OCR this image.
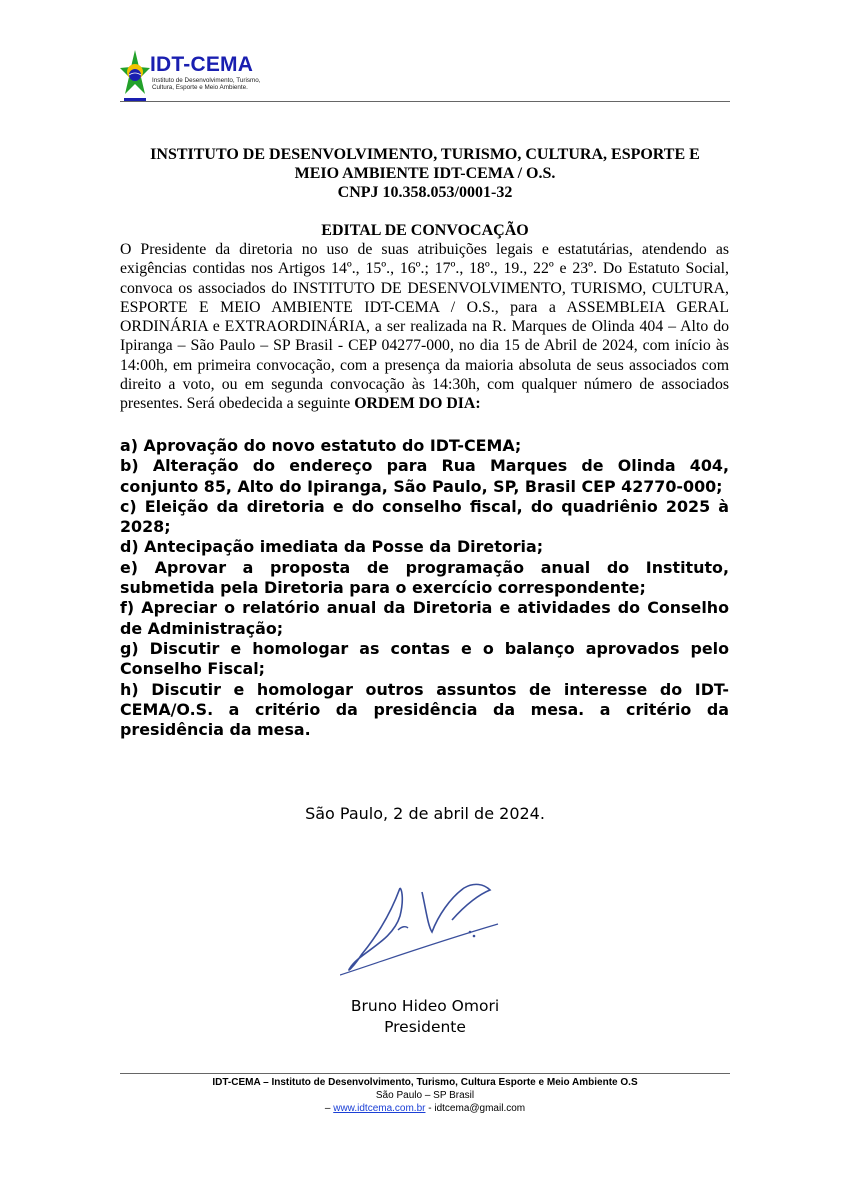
IDT-CEMA
Instituto de Desenvolvimento, Turismo, Cultura, Esporte e Meio Ambiente.
INSTITUTO DE DESENVOLVIMENTO, TURISMO, CULTURA, ESPORTE E
MEIO AMBIENTE IDT-CEMA / O.S.
CNPJ 10.358.053/0001-32
EDITAL DE CONVOCAÇÃO

O Presidente da diretoria no uso de suas atribuições legais e estatutárias, atendendo as exigências contidas nos Artigos 14º., 15º., 16º.; 17º., 18º., 19., 22º e 23º. Do Estatuto Social, convoca os associados do INSTITUTO DE DESENVOLVIMENTO, TURISMO, CULTURA, ESPORTE E MEIO AMBIENTE IDT-CEMA / O.S., para a ASSEMBLEIA GERAL ORDINÁRIA e EXTRAORDINÁRIA, a ser realizada na R. Marques de Olinda 404 – Alto do Ipiranga – São Paulo – SP Brasil - CEP 04277-000, no dia 15 de Abril de 2024, com início às 14:00h, em primeira convocação, com a presença da maioria absoluta de seus associados com direito a voto, ou em segunda convocação às 14:30h, com qualquer número de associados presentes. Será obedecida a seguinte ORDEM DO DIA:

a) Aprovação do novo estatuto do IDT-CEMA;
b) Alteração do endereço para Rua Marques de Olinda 404, conjunto 85, Alto do Ipiranga, São Paulo, SP, Brasil CEP 42770-000;
c) Eleição da diretoria e do conselho fiscal, do quadriênio 2025 à 2028;
d) Antecipação imediata da Posse da Diretoria;
e) Aprovar a proposta de programação anual do Instituto, submetida pela Diretoria para o exercício correspondente;
f) Apreciar o relatório anual da Diretoria e atividades do Conselho de Administração;
g) Discutir e homologar as contas e o balanço aprovados pelo Conselho Fiscal;
h) Discutir e homologar outros assuntos de interesse do IDT-CEMA/O.S. a critério da presidência da mesa. a critério da presidência da mesa.
São Paulo, 2 de abril de 2024.
Bruno Hideo Omori
Presidente
IDT-CEMA – Instituto de Desenvolvimento, Turismo, Cultura Esporte e Meio Ambiente O.S
São Paulo – SP Brasil
– www.idtcema.com.br - idtcema@gmail.com
